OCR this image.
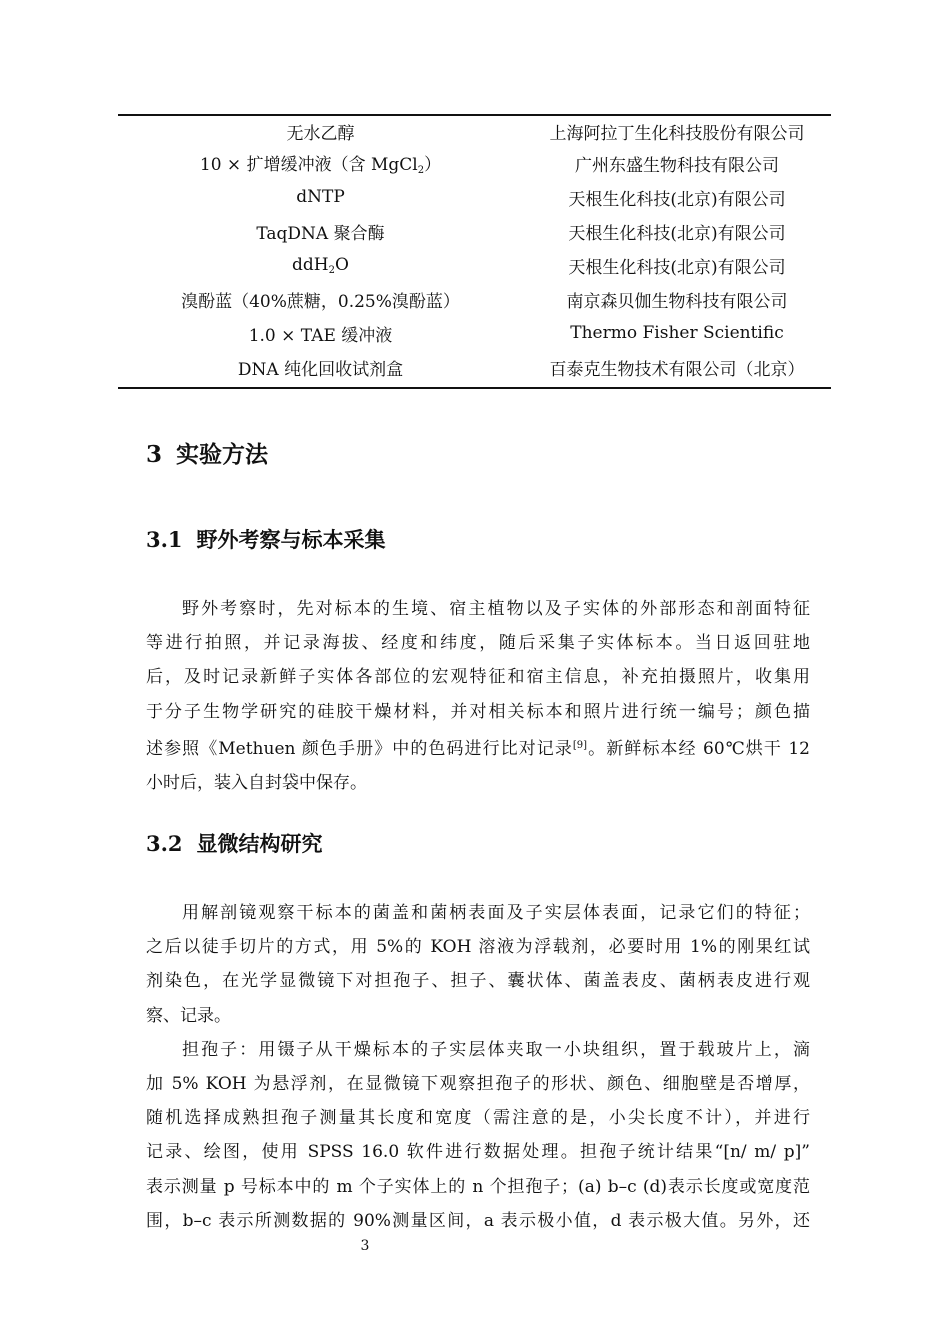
无水乙醇	上海阿拉丁生化科技股份有限公司
10 × 扩增缓冲液（含 MgCl$_2$）	广州东盛生物科技有限公司
dNTP	天根生化科技(北京)有限公司
TaqDNA 聚合酶	天根生化科技(北京)有限公司
ddH$_2$O	天根生化科技(北京)有限公司
溴酚蓝（40%蔗糖，0.25%溴酚蓝）	南京森贝伽生物科技有限公司
1.0 × TAE 缓冲液	Thermo Fisher Scientific
DNA 纯化回收试剂盒	百泰克生物技术有限公司（北京）
3 实验方法
3.1 野外考察与标本采集
野外考察时，先对标本的生境、宿主植物以及子实体的外部形态和剖面特征
等进行拍照，并记录海拔、经度和纬度，随后采集子实体标本。当日返回驻地
后，及时记录新鲜子实体各部位的宏观特征和宿主信息，补充拍摄照片，收集用
于分子生物学研究的硅胶干燥材料，并对相关标本和照片进行统一编号；颜色描
述参照《Methuen 颜色手册》中的色码进行比对记录[9]。新鲜标本经 60℃烘干 12
小时后，装入自封袋中保存。
3.2 显微结构研究
用解剖镜观察干标本的菌盖和菌柄表面及子实层体表面，记录它们的特征；
之后以徒手切片的方式，用 5%的 KOH 溶液为浮载剂，必要时用 1%的刚果红试
剂染色，在光学显微镜下对担孢子、担子、囊状体、菌盖表皮、菌柄表皮进行观
察、记录。
担孢子：用镊子从干燥标本的子实层体夹取一小块组织，置于载玻片上，滴
加 5% KOH 为悬浮剂，在显微镜下观察担孢子的形状、颜色、细胞壁是否增厚，
随机选择成熟担孢子测量其长度和宽度（需注意的是，小尖长度不计），并进行
记录、绘图，使用 SPSS 16.0 软件进行数据处理。担孢子统计结果“[n/ m/ p]”
表示测量 p 号标本中的 m 个子实体上的 n 个担孢子；(a) b–c (d)表示长度或宽度范
围，b–c 表示所测数据的 90%测量区间，a 表示极小值，d 表示极大值。另外，还
3
